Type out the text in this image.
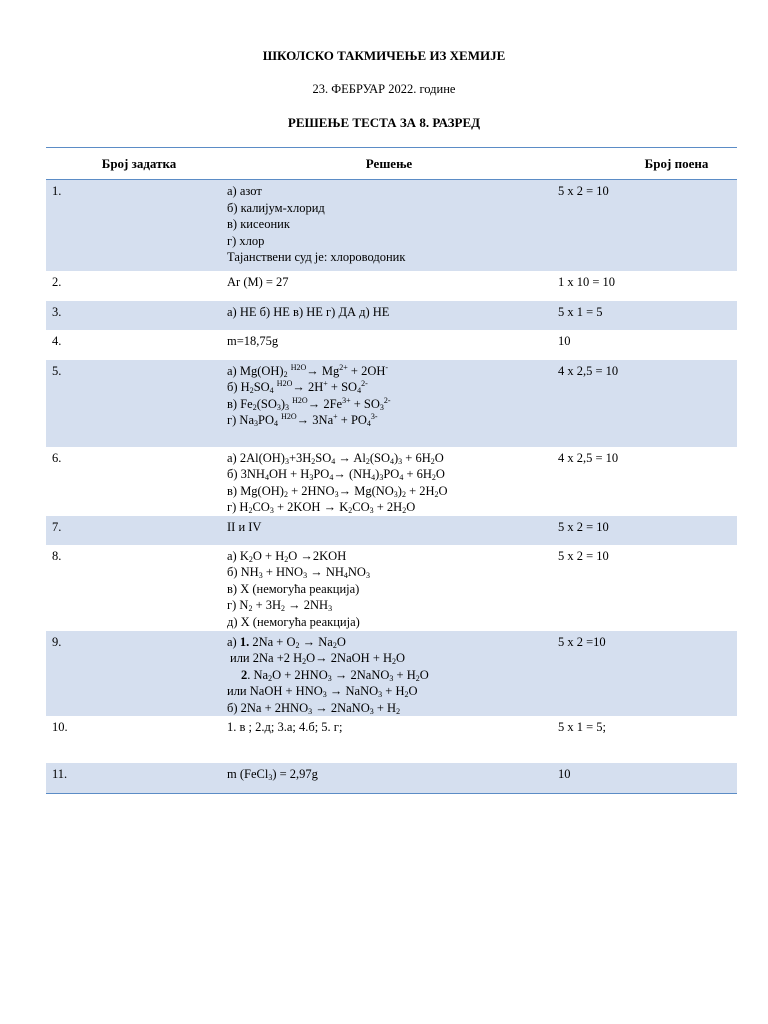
ШКОЛСКО ТАКМИЧЕЊЕ ИЗ ХЕМИЈЕ
23. ФЕБРУАР 2022. године
РЕШЕЊЕ ТЕСТА ЗА 8. РАЗРЕД
Број задатка	Решење	Број поена
1.	а) азот
б) калијум-хлорид
в) кисеоник
г) хлор
Тајанствени суд је: хлороводоник	5 x 2 = 10
2.	Ar (M) = 27	1 x 10 = 10
3.	а) НЕ б) НЕ в) НЕ г) ДА д) НЕ	5 x 1 = 5
4.	m=18,75g	10
5.	а) $Mg(OH)_2$ $^{H2O}\to Mg^{2+} + 2OH^-$
б) $H_2SO_4$ $^{H2O}\to 2H^+ + SO_4^{2-}$
в) $Fe_2(SO_3)_3$ $^{H2O}\to 2Fe^{3+} + SO_3^{2-}$
г) $Na_3PO_4$ $^{H2O}\to 3Na^+ + PO_4^{3-}$	4 x 2,5 = 10
6.	а) $2Al(OH)_3+3H_2SO_4 \to Al_2(SO_4)_3 + 6H_2O$
б) $3NH_4OH + H_3PO_4\to (NH_4)_3PO_4 + 6H_2O$
в) $Mg(OH)_2 + 2HNO_3\to Mg(NO_3)_2 + 2H_2O$
г) $H_2CO_3 + 2KOH \to K_2CO_3 + 2H_2O$	4 x 2,5 = 10
7.	II и IV	5 x 2 = 10
8.	а) $K_2O + H_2O \to 2KOH$
б) $NH_3 + HNO_3 \to NH_4NO_3$
в) X (немогућа реакција)
г) $N_2 + 3H_2 \to 2NH_3$
д) X (немогућа реакција)	5 x 2 = 10
9.	а) 1. $2Na + O_2 \to Na_2O$
или 2Na +2 $H_2O\to$ 2NaOH + $H_2O$
2. $Na_2O + 2HNO_3$ → 2NaNO$_3$ + $H_2O$
или NaOH + $HNO_3$ → NaNO$_3$ + $H_2O$
б) $2Na + 2HNO_3$ → 2NaNO$_3$ + $H_2$	5 x 2 =10
10.	1. в ; 2.д; 3.а; 4.б; 5. г;	5 x 1 = 5;
11.	m (FeCl$_3$) = 2,97g	10
